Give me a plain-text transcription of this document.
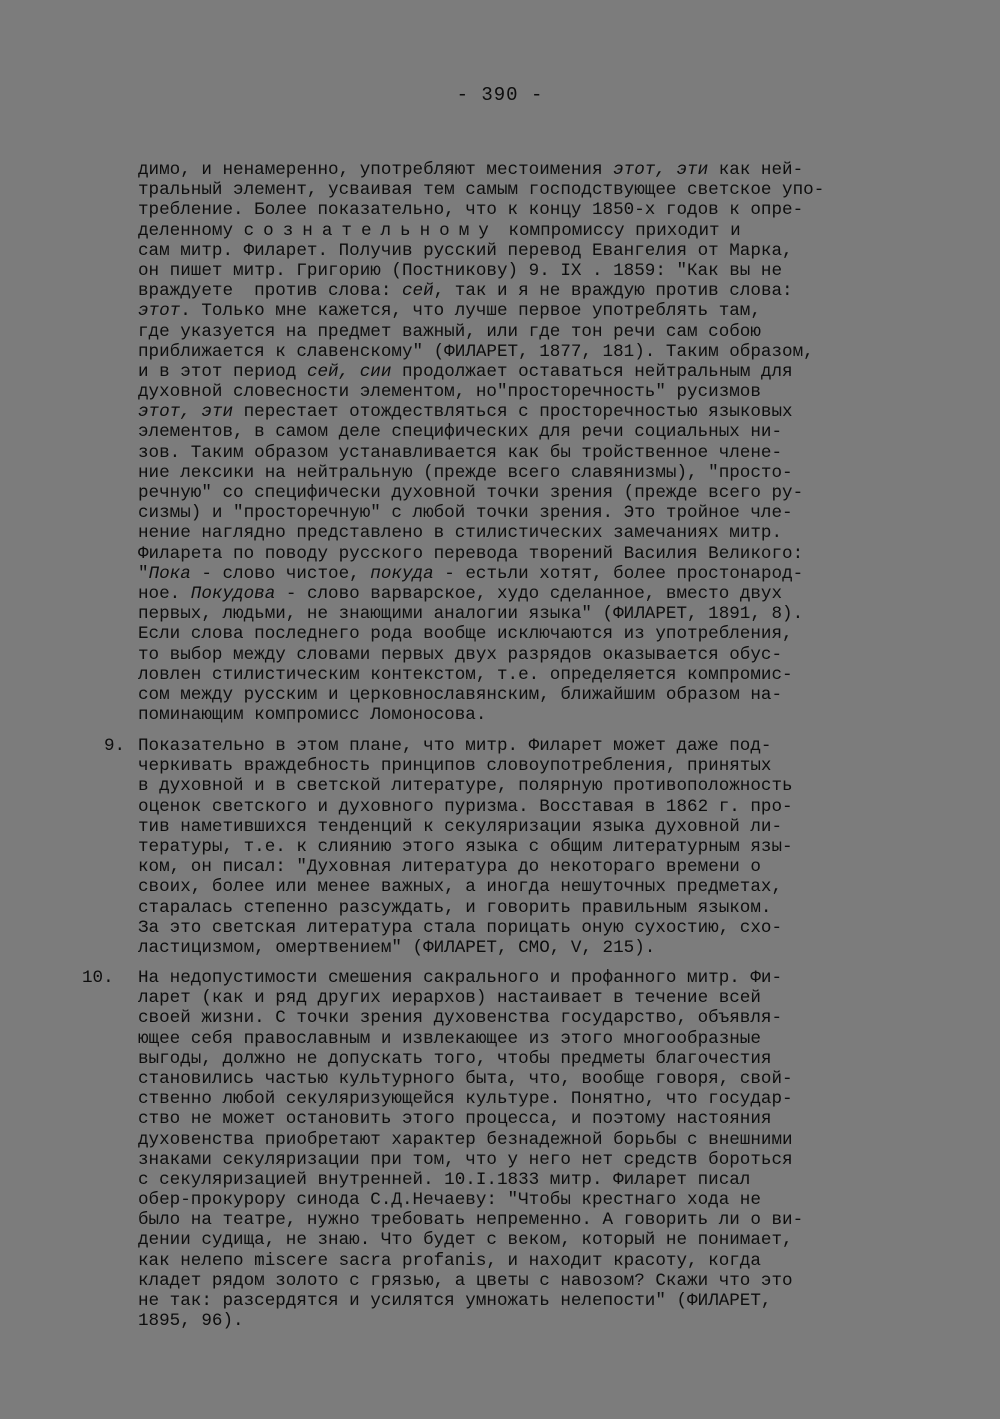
- 390 -
димо, и ненамеренно, употребляют местоимения этот, эти как ней-
тральный элемент, усваивая тем самым господствующее светское упо-
требление. Более показательно, что к концу 1850-х годов к опре-
деленному сознательному компромиссу приходит и
сам митр. Филарет. Получив русский перевод Евангелия от Марка,
он пишет митр. Григорию (Постникову) 9. IX . 1859: "Как вы не
враждуете  против слова: сей, так и я не враждую против слова:
этот. Только мне кажется, что лучше первое употреблять там,
где указуется на предмет важный, или где тон речи сам собою
приближается к славенскому" (ФИЛАРЕТ, 1877, 181). Таким образом,
и в этот период сей, сии продолжает оставаться нейтральным для
духовной словесности элементом, но"просторечность" русизмов
этот, эти перестает отождествляться с просторечностью языковых
элементов, в самом деле специфических для речи социальных ни-
зов. Таким образом устанавливается как бы тройственное члене-
ние лексики на нейтральную (прежде всего славянизмы), "просто-
речную" со специфически духовной точки зрения (прежде всего ру-
сизмы) и "просторечную" с любой точки зрения. Это тройное чле-
нение наглядно представлено в стилистических замечаниях митр.
Филарета по поводу русского перевода творений Василия Великого:
"Пока - слово чистое, покуда - естьли хотят, более простонарод-
ное. Покудова - слово варварское, худо сделанное, вместо двух
первых, людьми, не знающими аналогии языка" (ФИЛАРЕТ, 1891, 8).
Если слова последнего рода вообще исключаются из употребления,
то выбор между словами первых двух разрядов оказывается обус-
ловлен стилистическим контекстом, т.е. определяется компромис-
сом между русским и церковнославянским, ближайшим образом на-
поминающим компромисс Ломоносова.
9. Показательно в этом плане, что митр. Филарет может даже под-
черкивать враждебность принципов словоупотребления, принятых
в духовной и в светской литературе, полярную противоположность
оценок светского и духовного пуризма. Восставая в 1862 г. про-
тив наметившихся тенденций к секуляризации языка духовной ли-
тературы, т.е. к слиянию этого языка с общим литературным язы-
ком, он писал: "Духовная литература до некотораго времени о
своих, более или менее важных, а иногда нешуточных предметах,
старалась степенно разсуждать, и говорить правильным языком.
За это светская литература стала порицать оную сухостию, схо-
ластицизмом, омертвением" (ФИЛАРЕТ, СМО, V, 215).
10. На недопустимости смешения сакрального и профанного митр. Фи-
ларет (как и ряд других иерархов) настаивает в течение всей
своей жизни. С точки зрения духовенства государство, объявля-
ющее себя православным и извлекающее из этого многообразные
выгоды, должно не допускать того, чтобы предметы благочестия
становились частью культурного быта, что, вообще говоря, свой-
ственно любой секуляризующейся культуре. Понятно, что государ-
ство не может остановить этого процесса, и поэтому настояния
духовенства приобретают характер безнадежной борьбы с внешними
знаками секуляризации при том, что у него нет средств бороться
с секуляризацией внутренней. 10.I.1833 митр. Филарет писал
обер-прокурору синода С.Д.Нечаеву: "Чтобы крестнаго хода не
было на театре, нужно требовать непременно. А говорить ли о ви-
дении судища, не знаю. Что будет с веком, который не понимает,
как нелепо miscere sacra profanis, и находит красоту, когда
кладет рядом золото с грязью, а цветы с навозом? Скажи что это
не так: разсердятся и усилятся умножать нелепости" (ФИЛАРЕТ,
1895, 96).
